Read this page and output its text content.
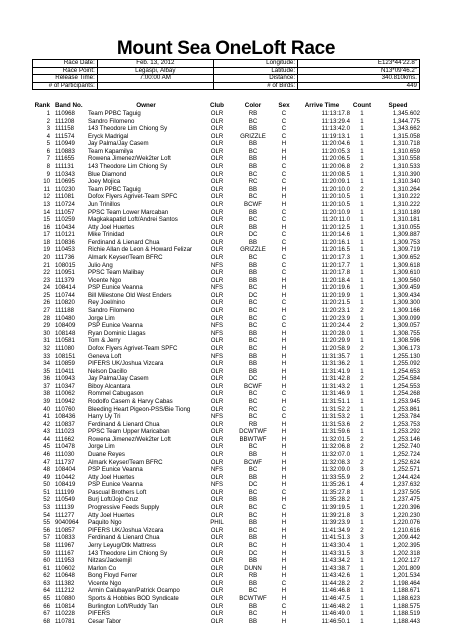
Mount Sea OneLoft Race
Race Date:	Feb. 13, 2012	Longitude:	E123*44'22.8"
Race Point:	Legaspi, Albay	Latitude:	N13*09'46.2"
Release Time:	7:00:00 AM	Distance:	340.810kms.
# of Participants:		# of Birds:	449
Rank Band No.	Owner	Club	Color	Sex	Arrive Time	Count	Speed
1 110968	Team PPBC Taguig	OLR	RB	C	11:13:17.8	1	1,345.602
2 111208	Sandro Filomeno	OLR	BC	C	11:13:29.4	1	1,344.775
3 111158	143 Theodore Lim Chiong Sy	OLR	BB	C	11:13:42.0	1	1,343.662
4 111574	Eryck Madrigal	OLR	GRIZZLE	C	11:19:13.1	1	1,315.058
5 110949	Jay Palma/Jay Casem	OLR	BB	H	11:20:04.6	1	1,310.718
6 110883	Team Kapamilya	OLR	BC	H	11:20:05.3	1	1,310.659
7 111655	Rowena Jimenez/Wek2ter Loft	OLR	BB	H	11:20:06.5	1	1,310.558
8 111131	143 Theodore Lim Chiong Sy	OLR	BB	C	11:20:06.8	2	1,310.533
9 110343	Blue Diamond	OLR	BC	C	11:20:08.5	1	1,310.390
10 110695	Joey Mojica	OLR	RC	C	11:20:09.1	1	1,310.340
11 110230	Team PPBC Taguig	OLR	BB	H	11:20:10.0	2	1,310.264
12 111081	Dofox Flyers Agrivet-Team SPFC	OLR	BC	H	11:20:10.5	1	1,310.222
13 110724	Jun Trinillos	OLR	BCWF	H	11:20:10.5	1	1,310.222
14 111057	PPSC Team Lower Marcaban	OLR	BB	C	11:20:10.9	1	1,310.189
15 110259	Magkakapatid Loft/Andrei Santos	OLR	BC	C	11:20:11.0	1	1,310.181
16 110434	Atty Joel Huertes	OLR	BB	H	11:20:12.5	1	1,310.055
17 110121	Mike Trinidad	OLR	DC	C	11:20:14.6	1	1,309.887
18 110836	Ferdinand & Lienard Chua	OLR	BB	C	11:20:16.1	1	1,309.753
19 110453	Richie Allan de Leon & Howard Felizar	OLR	GRIZZLE	H	11:20:16.5	1	1,309.719
20 111736	Almark Keyser/Team BFRC	OLR	BC	C	11:20:17.3	1	1,309.652
21 108015	Julio Ang	NFS	BB	C	11:20:17.7	1	1,309.618
22 110951	PPSC Team Malibay	OLR	BB	C	11:20:17.8	1	1,309.610
23 111379	Vicente Ngo	OLR	BB	H	11:20:18.4	1	1,309.560
24 108414	PSP Eunice Veanna	NFS	BC	H	11:20:19.6	1	1,309.459
25 110744	Bill Milestone Old West Enders	OLR	DC	H	11:20:19.9	1	1,309.434
26 110820	Rey Joel/nino	OLR	BC	C	11:20:21.5	1	1,309.300
27 111188	Sandro Filomeno	OLR	BC	H	11:20:23.1	2	1,309.166
28 110480	Jorge Lim	OLR	BC	C	11:20:23.9	1	1,309.099
29 108409	PSP Eunice Veanna	NFS	BC	C	11:20:24.4	2	1,309.057
30 108148	Ryan Dominic Llagas	NFS	BB	H	11:20:28.0	1	1,308.755
31 110581	Tom & Jerry	OLR	BC	H	11:20:29.9	1	1,308.596
32 111080	Dofox Flyers Agrivet-Team SPFC	OLR	BC	H	11:20:58.9	2	1,306.173
33 108151	Geneva Loft	NFS	BB	H	11:31:35.7	1	1,255.130
34 110859	PIFERS UK/Joshua Vizcara	OLR	BB	H	11:31:36.2	1	1,255.092
35 110411	Nelson Dacillo	OLR	BB	H	11:31:41.9	1	1,254.653
36 110943	Jay Palma/Jay Casem	OLR	DC	H	11:31:42.8	2	1,254.584
37 110347	Biboy Alcantara	OLR	BCWF	H	11:31:43.2	1	1,254.553
38 110062	Rommel Cabugason	OLR	BC	C	11:31:46.9	1	1,254.268
39 110942	Rodolfo Casem & Harvy Cabas	OLR	BC	H	11:31:51.1	1	1,253.945
40 110760	Bleeding Heart Pigeon-PSS/Bie Tiong	OLR	RC	C	11:31:52.2	1	1,253.861
41 108436	Harry Uy Tri	NFS	BC	C	11:31:53.2	1	1,253.784
42 110837	Ferdinand & Lienard Chua	OLR	RB	H	11:31:53.6	2	1,253.753
43 111023	PPSC Team Upper Maricaban	OLR	DCWTWF	H	11:31:59.6	1	1,253.292
44 111662	Rowena Jimenez/Wek2ter Loft	OLR	BBWTWF	H	11:32:01.5	2	1,253.146
45 110478	Jorge Lim	OLR	BC	H	11:32:06.8	2	1,252.740
46 111030	Duane Reyes	OLR	BB	H	11:32:07.0	1	1,252.724
47 111737	Almark Keyser/Team BFRC	OLR	BCWF	H	11:32:08.3	2	1,252.624
48 108404	PSP Eunice Veanna	NFS	BC	H	11:32:09.0	3	1,252.571
49 110442	Atty Joel Huertes	OLR	BB	H	11:33:55.9	2	1,244.424
50 108419	PSP Eunice Veanna	NFS	DC	H	11:35:26.1	4	1,237.632
51 111199	Pascual Brothers Loft	OLR	BC	C	11:35:27.8	1	1,237.505
52 110549	Burj Loft/Jojo Cruz	OLR	BB	H	11:35:28.2	1	1,237.475
53 111139	Progressive Feeds Supply	OLR	BC	C	11:39:19.5	1	1,220.396
54 111277	Atty Joel Huertes	OLR	BC	H	11:39:21.8	3	1,220.230
55 9040964	Paquito Ngo	PHIL	BB	H	11:39:23.9	1	1,220.076
56 110857	PIFERS UK/Joshua Vizcara	OLR	BC	H	11:41:34.9	2	1,210.616
57 110833	Ferdinand & Lienard Chua	OLR	BB	H	11:41:51.3	3	1,209.442
58 111967	Jerry Leyug/Otk Mattress	OLR	BC	H	11:43:30.4	1	1,202.395
59 111167	143 Theodore Lim Chiong Sy	OLR	DC	H	11:43:31.5	3	1,202.318
60 111953	Nitzas/Jackemjil	OLR	BB	H	11:43:34.2	1	1,202.127
61 110602	Marlon Co	OLR	DUNN	H	11:43:38.7	1	1,201.809
62 110648	Bong Floyd Ferrer	OLR	RB	H	11:43:42.6	1	1,201.534
63 111382	Vicente Ngo	OLR	BB	C	11:44:28.2	2	1,198.464
64 111212	Armin Calubayan/Patrick Ocampo	OLR	BC	H	11:46:46.8	1	1,188.671
65 110880	Sports & Hobbies BOD Syndicate	OLR	BCWTWF	H	11:46:47.5	1	1,188.623
66 110814	Burlington Loft/Ruddy Tan	OLR	BB	C	11:46:48.2	1	1,188.575
67 110228	PIFERS	OLR	BC	H	11:46:49.0	1	1,188.519
68 110781	Cesar Tabor	OLR	BB	H	11:46:50.1	1	1,188.443
